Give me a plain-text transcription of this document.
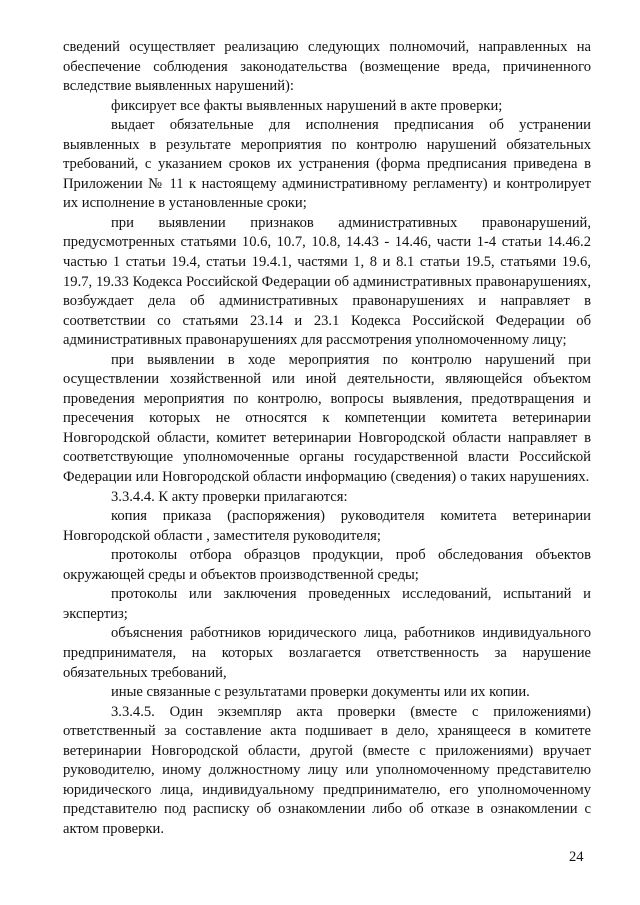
сведений осуществляет реализацию следующих полномочий, направленных на обеспечение соблюдения законодательства (возмещение вреда, причиненного вследствие выявленных нарушений):

фиксирует все факты выявленных нарушений в акте проверки;

выдает обязательные для исполнения предписания об устранении выявленных в результате мероприятия по контролю нарушений обязательных требований, с указанием сроков их устранения (форма предписания приведена в Приложении № 11 к настоящему административному регламенту) и контролирует их исполнение в установленные сроки;

при выявлении признаков административных правонарушений, предусмотренных статьями 10.6, 10.7, 10.8, 14.43 - 14.46, части 1-4 статьи 14.46.2 частью 1 статьи 19.4, статьи 19.4.1, частями 1, 8 и 8.1 статьи 19.5, статьями 19.6, 19.7, 19.33 Кодекса Российской Федерации об административных правонарушениях, возбуждает дела об административных правонарушениях и направляет в соответствии со статьями 23.14 и 23.1 Кодекса Российской Федерации об административных правонарушениях для рассмотрения уполномоченному лицу;

при выявлении в ходе мероприятия по контролю нарушений при осуществлении хозяйственной или иной деятельности, являющейся объектом проведения мероприятия по контролю, вопросы выявления, предотвращения и пресечения которых не относятся к компетенции комитета ветеринарии Новгородской области, комитет ветеринарии Новгородской области направляет в соответствующие уполномоченные органы государственной власти Российской Федерации или Новгородской области информацию (сведения) о таких нарушениях.

3.3.4.4. К акту проверки прилагаются:

копия приказа (распоряжения) руководителя комитета ветеринарии Новгородской области , заместителя руководителя;

протоколы отбора образцов продукции, проб обследования объектов окружающей среды и объектов производственной среды;

протоколы или заключения проведенных исследований, испытаний и экспертиз;

объяснения работников юридического лица, работников индивидуального предпринимателя, на которых возлагается ответственность за нарушение обязательных требований,

иные связанные с результатами проверки документы или их копии.

3.3.4.5. Один экземпляр акта проверки (вместе с приложениями) ответственный за составление акта подшивает в дело, хранящееся в комитете ветеринарии Новгородской области, другой (вместе с приложениями) вручает руководителю, иному должностному лицу или уполномоченному представителю юридического лица, индивидуальному предпринимателю, его уполномоченному представителю под расписку об ознакомлении либо об отказе в ознакомлении с актом проверки.

24
